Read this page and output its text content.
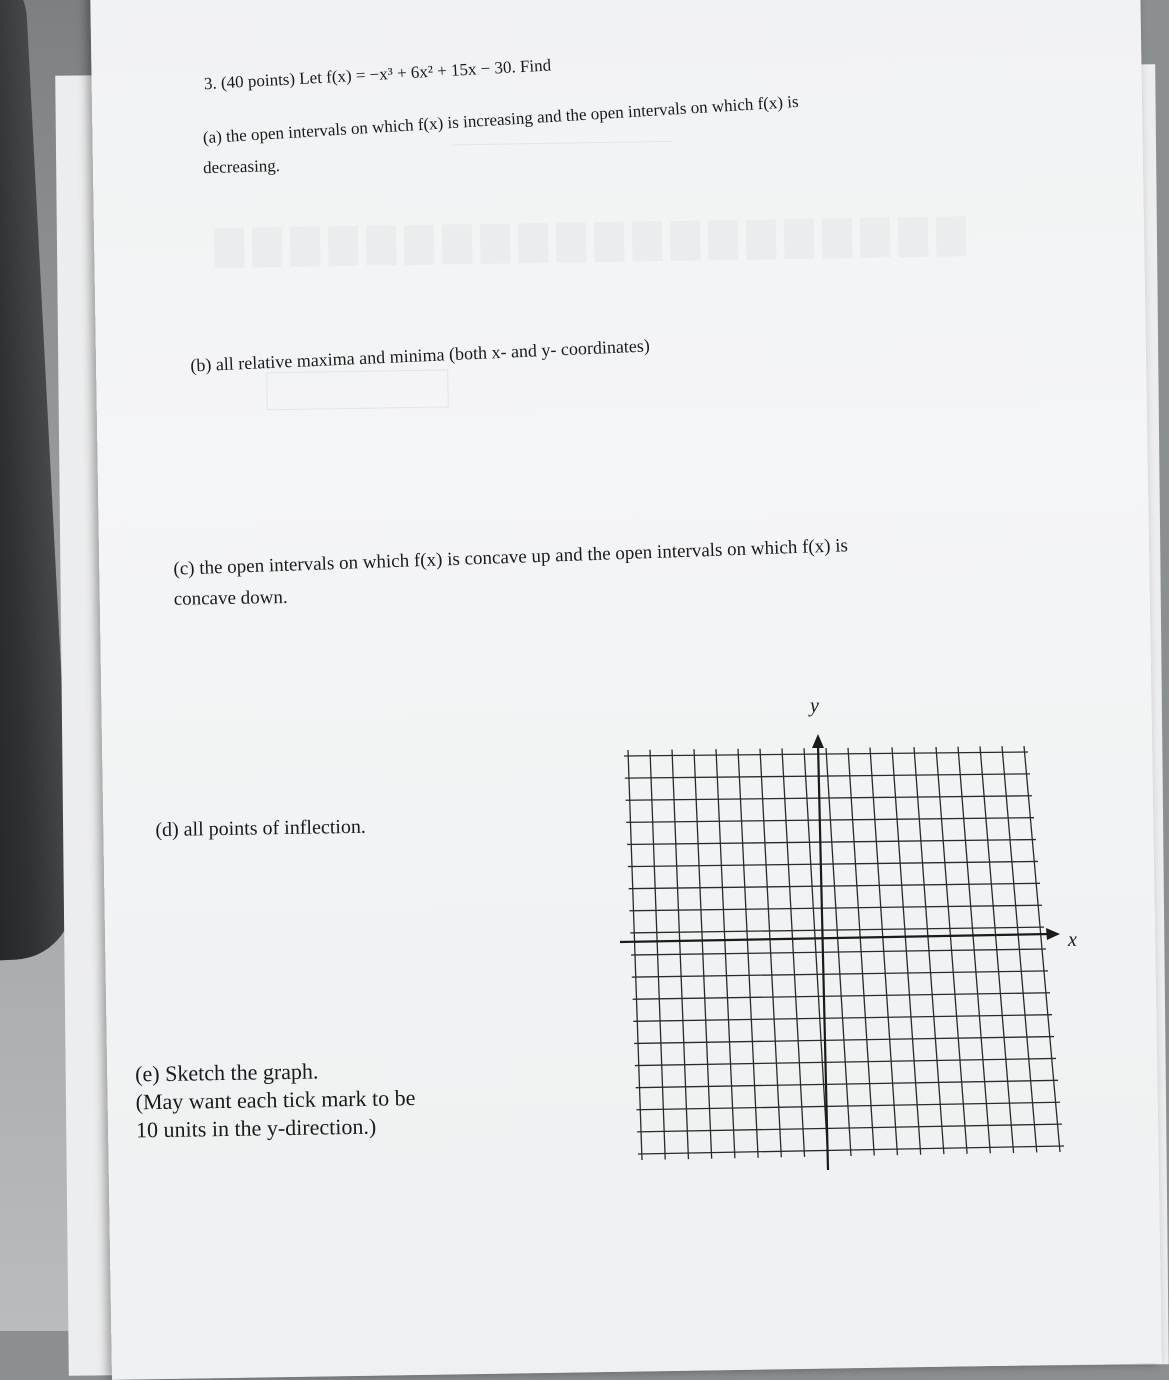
3. (40 points) Let f(x) = −x³ + 6x² + 15x − 30. Find
(a) the open intervals on which f(x) is increasing and the open intervals on which f(x) is
decreasing.
(b) all relative maxima and minima (both x- and y- coordinates)
(c) the open intervals on which f(x) is concave up and the open intervals on which f(x) is
concave down.
(d) all points of inflection.
(e) Sketch the graph.
(May want each tick mark to be
10 units in the y-direction.)
y
x
